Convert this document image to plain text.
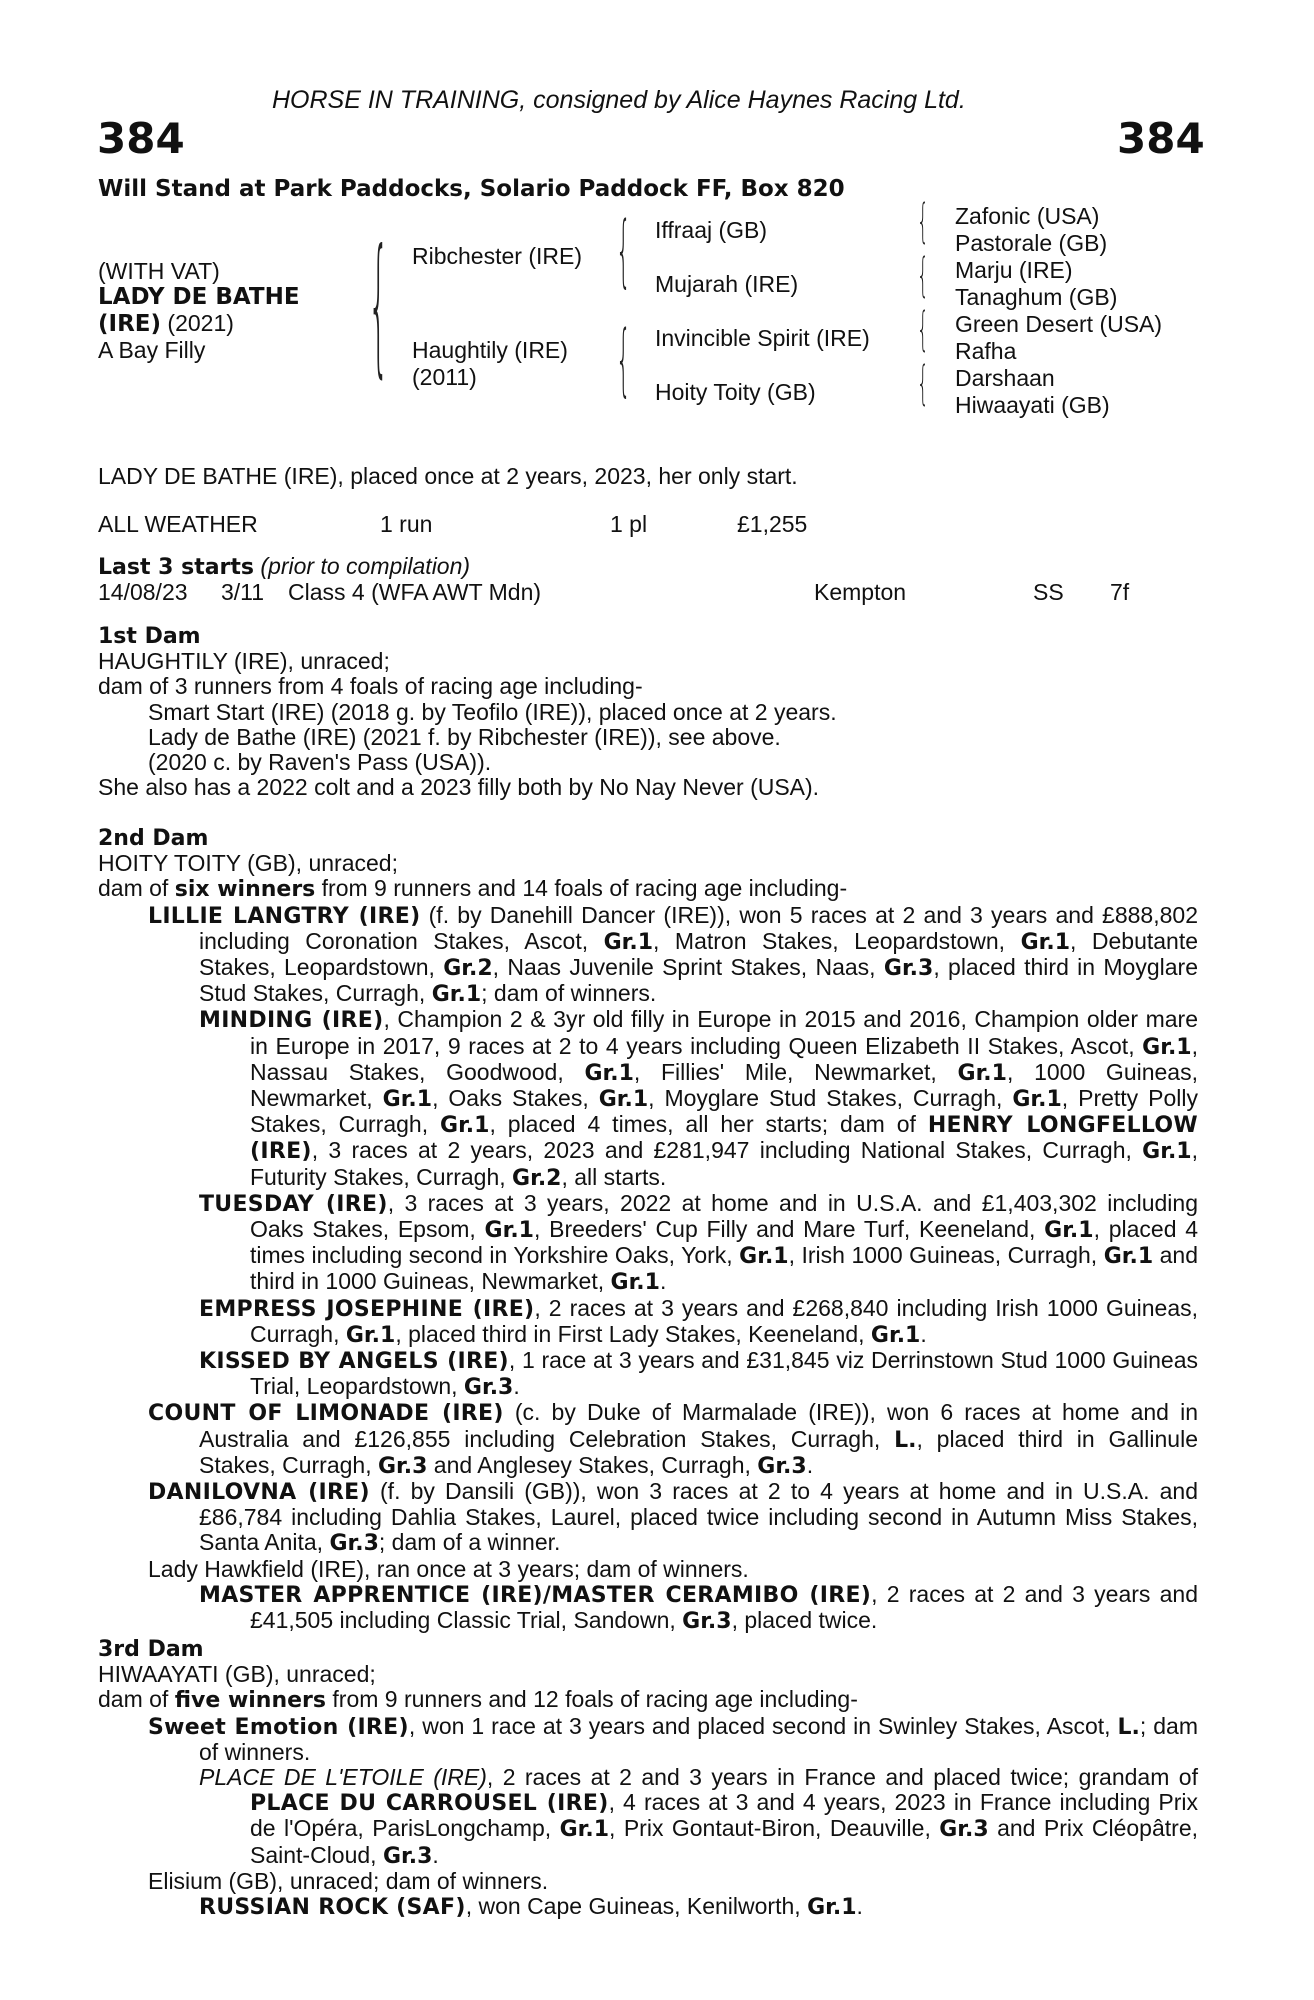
HORSE IN TRAINING, consigned by Alice Haynes Racing Ltd.
384	384
Will Stand at Park Paddocks, Solario Paddock FF, Box 820
(WITH VAT)
LADY DE BATHE
(IRE) (2021)
A Bay Filly {	{
{
{
{
{
{
Ribchester (IRE)
Haughtily (IRE)
(2011)
Iffraaj (GB)
Mujarah (IRE)
Invincible Spirit (IRE)
Hoity Toity (GB)
Zafonic (USA)
Pastorale (GB)
Marju (IRE)
Tanaghum (GB)
Green Desert (USA)
Rafha
Darshaan
Hiwaayati (GB)
LADY DE BATHE (IRE), placed once at 2 years, 2023, her only start.
ALL WEATHER	1 run	1 pl	£1,255
Last 3 starts (prior to compilation)
14/08/23 3/11 Class 4 (WFA AWT Mdn)	Kempton	SS 7f

1st Dam

HAUGHTILY (IRE), unraced;

dam of 3 runners from 4 foals of racing age including-

Smart Start (IRE) (2018 g. by Teofilo (IRE)), placed once at 2 years.

Lady de Bathe (IRE) (2021 f. by Ribchester (IRE)), see above.

(2020 c. by Raven's Pass (USA)).

She also has a 2022 colt and a 2023 filly both by No Nay Never (USA).

2nd Dam

HOITY TOITY (GB), unraced;

dam of six winners from 9 runners and 14 foals of racing age including-

LILLIE LANGTRY (IRE) (f. by Danehill Dancer (IRE)), won 5 races at 2 and 3 years and £888,802 including Coronation Stakes, Ascot, Gr.1, Matron Stakes, Leopardstown, Gr.1, Debutante Stakes, Leopardstown, Gr.2, Naas Juvenile Sprint Stakes, Naas, Gr.3, placed third in Moyglare Stud Stakes, Curragh, Gr.1; dam of winners.

MINDING (IRE), Champion 2 & 3yr old filly in Europe in 2015 and 2016, Champion older mare in Europe in 2017, 9 races at 2 to 4 years including Queen Elizabeth II Stakes, Ascot, Gr.1, Nassau Stakes, Goodwood, Gr.1, Fillies' Mile, Newmarket, Gr.1, 1000 Guineas, Newmarket, Gr.1, Oaks Stakes, Gr.1, Moyglare Stud Stakes, Curragh, Gr.1, Pretty Polly Stakes, Curragh, Gr.1, placed 4 times, all her starts; dam of HENRY LONGFELLOW (IRE), 3 races at 2 years, 2023 and £281,947 including National Stakes, Curragh, Gr.1, Futurity Stakes, Curragh, Gr.2, all starts.

TUESDAY (IRE), 3 races at 3 years, 2022 at home and in U.S.A. and £1,403,302 including Oaks Stakes, Epsom, Gr.1, Breeders' Cup Filly and Mare Turf, Keeneland, Gr.1, placed 4 times including second in Yorkshire Oaks, York, Gr.1, Irish 1000 Guineas, Curragh, Gr.1 and third in 1000 Guineas, Newmarket, Gr.1.

EMPRESS JOSEPHINE (IRE), 2 races at 3 years and £268,840 including Irish 1000 Guineas, Curragh, Gr.1, placed third in First Lady Stakes, Keeneland, Gr.1.

KISSED BY ANGELS (IRE), 1 race at 3 years and £31,845 viz Derrinstown Stud 1000 Guineas Trial, Leopardstown, Gr.3.

COUNT OF LIMONADE (IRE) (c. by Duke of Marmalade (IRE)), won 6 races at home and in Australia and £126,855 including Celebration Stakes, Curragh, L., placed third in Gallinule Stakes, Curragh, Gr.3 and Anglesey Stakes, Curragh, Gr.3.

DANILOVNA (IRE) (f. by Dansili (GB)), won 3 races at 2 to 4 years at home and in U.S.A. and £86,784 including Dahlia Stakes, Laurel, placed twice including second in Autumn Miss Stakes, Santa Anita, Gr.3; dam of a winner.

Lady Hawkfield (IRE), ran once at 3 years; dam of winners.

MASTER APPRENTICE (IRE)/MASTER CERAMIBO (IRE), 2 races at 2 and 3 years and £41,505 including Classic Trial, Sandown, Gr.3, placed twice.

3rd Dam

HIWAAYATI (GB), unraced;

dam of five winners from 9 runners and 12 foals of racing age including-

Sweet Emotion (IRE), won 1 race at 3 years and placed second in Swinley Stakes, Ascot, L.; dam of winners.

PLACE DE L'ETOILE (IRE), 2 races at 2 and 3 years in France and placed twice; grandam of PLACE DU CARROUSEL (IRE), 4 races at 3 and 4 years, 2023 in France including Prix de l'Opéra, ParisLongchamp, Gr.1, Prix Gontaut-Biron, Deauville, Gr.3 and Prix Cléopâtre, Saint-Cloud, Gr.3.

Elisium (GB), unraced; dam of winners.

RUSSIAN ROCK (SAF), won Cape Guineas, Kenilworth, Gr.1.
